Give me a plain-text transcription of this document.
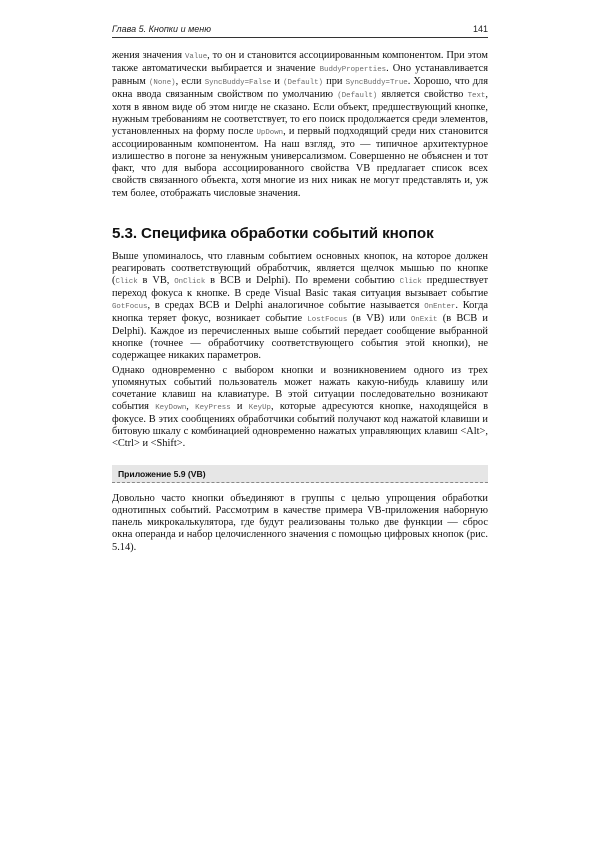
Глава 5. Кнопки и меню	141

жения значения Value, то он и становится ассоциированным компонентом. При этом также автоматически выбирается и значение BuddyProperties. Оно устанавливается равным (None), если SyncBuddy=False и (Default) при SyncBuddy=True. Хорошо, что для окна ввода связанным свойством по умолчанию (Default) является свойство Text, хотя в явном виде об этом нигде не сказано. Если объект, предшествующий кнопке, нужным требованиям не соответствует, то его поиск продолжается среди элементов, установленных на форму после UpDown, и первый подходящий среди них становится ассоциированным компонентом. На наш взгляд, это — типичное архитектурное излишество в погоне за ненужным универсализмом. Совершенно не объяснен и тот факт, что для выбора ассоциированного свойства VB предлагает список всех свойств связанного объекта, хотя многие из них никак не могут представлять и, уж тем более, отображать числовые значения.

5.3. Специфика обработки событий кнопок

Выше упоминалось, что главным событием основных кнопок, на которое должен реагировать соответствующий обработчик, является щелчок мышью по кнопке (Click в VB, OnClick в BCB и Delphi). По времени событию Click предшествует переход фокуса к кнопке. В среде Visual Basic такая ситуация вызывает событие GotFocus, в средах BCB и Delphi аналогичное событие называется OnEnter. Когда кнопка теряет фокус, возникает событие LostFocus (в VB) или OnExit (в BCB и Delphi). Каждое из перечисленных выше событий передает сообщение выбранной кнопке (точнее — обработчику соответствующего события этой кнопки), не содержащее никаких параметров.

Однако одновременно с выбором кнопки и возникновением одного из трех упомянутых событий пользователь может нажать какую-нибудь клавишу или сочетание клавиш на клавиатуре. В этой ситуации последовательно возникают события KeyDown, KeyPress и KeyUp, которые адресуются кнопке, находящейся в фокусе. В этих сообщениях обработчики событий получают код нажатой клавиши и битовую шкалу с комбинацией одновременно нажатых управляющих клавиш <Alt>, <Ctrl> и <Shift>.

Приложение 5.9 (VB)

Довольно часто кнопки объединяют в группы с целью упрощения обработки однотипных событий. Рассмотрим в качестве примера VB-приложения наборную панель микрокалькулятора, где будут реализованы только две функции — сброс окна операнда и набор целочисленного значения с помощью цифровых кнопок (рис. 5.14).
